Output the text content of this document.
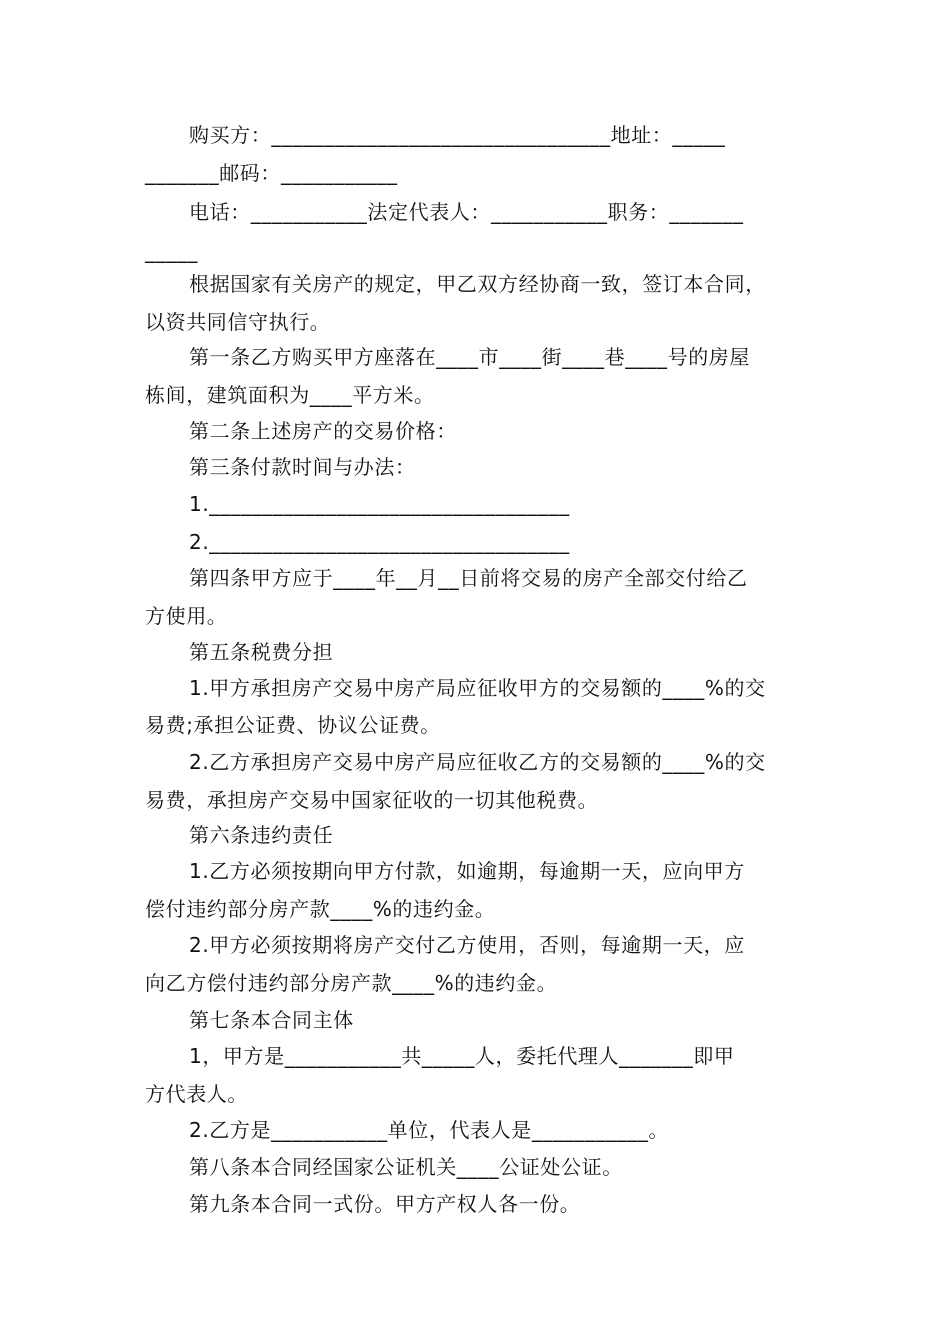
购买方：________________________________地址：_____
_______邮码：___________
电话：___________法定代表人：___________职务：_______
_____
根据国家有关房产的规定，甲乙双方经协商一致，签订本合同，
以资共同信守执行。
第一条乙方购买甲方座落在____市____街____巷____号的房屋
栋间，建筑面积为____平方米。
第二条上述房产的交易价格：
第三条付款时间与办法：
1.__________________________________
2.__________________________________
第四条甲方应于____年__月__日前将交易的房产全部交付给乙
方使用。
第五条税费分担
1.甲方承担房产交易中房产局应征收甲方的交易额的____%的交
易费;承担公证费、协议公证费。
2.乙方承担房产交易中房产局应征收乙方的交易额的____%的交
易费，承担房产交易中国家征收的一切其他税费。
第六条违约责任
1.乙方必须按期向甲方付款，如逾期，每逾期一天，应向甲方
偿付违约部分房产款____%的违约金。
2.甲方必须按期将房产交付乙方使用，否则，每逾期一天，应
向乙方偿付违约部分房产款____%的违约金。
第七条本合同主体
1，甲方是___________共_____人，委托代理人_______即甲
方代表人。
2.乙方是___________单位，代表人是___________。
第八条本合同经国家公证机关____公证处公证。
第九条本合同一式份。甲方产权人各一份。
